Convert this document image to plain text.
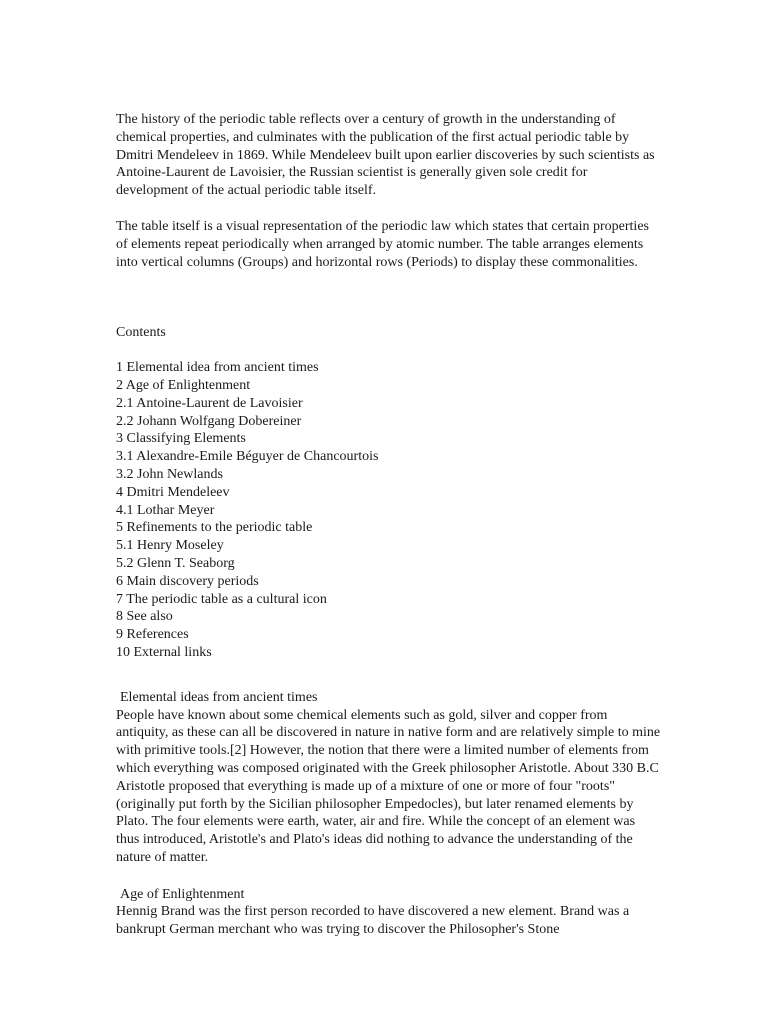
The history of the periodic table reflects over a century of growth in the understanding of chemical properties, and culminates with the publication of the first actual periodic table by Dmitri Mendeleev in 1869. While Mendeleev built upon earlier discoveries by such scientists as Antoine-Laurent de Lavoisier, the Russian scientist is generally given sole credit for development of the actual periodic table itself.

The table itself is a visual representation of the periodic law which states that certain properties of elements repeat periodically when arranged by atomic number. The table arranges elements into vertical columns (Groups) and horizontal rows (Periods) to display these commonalities.

Contents

1 Elemental idea from ancient times
2 Age of Enlightenment
2.1 Antoine-Laurent de Lavoisier
2.2 Johann Wolfgang Dobereiner
3 Classifying Elements
3.1 Alexandre-Emile Béguyer de Chancourtois
3.2 John Newlands
4 Dmitri Mendeleev
4.1 Lothar Meyer
5 Refinements to the periodic table
5.1 Henry Moseley
5.2 Glenn T. Seaborg
6 Main discovery periods
7 The periodic table as a cultural icon
8 See also
9 References
10 External links

Elemental ideas from ancient times

People have known about some chemical elements such as gold, silver and copper from antiquity, as these can all be discovered in nature in native form and are relatively simple to mine with primitive tools.[2] However, the notion that there were a limited number of elements from which everything was composed originated with the Greek philosopher Aristotle. About 330 B.C Aristotle proposed that everything is made up of a mixture of one or more of four "roots" (originally put forth by the Sicilian philosopher Empedocles), but later renamed elements by Plato. The four elements were earth, water, air and fire. While the concept of an element was thus introduced, Aristotle's and Plato's ideas did nothing to advance the understanding of the nature of matter.

Age of Enlightenment

Hennig Brand was the first person recorded to have discovered a new element. Brand was a bankrupt German merchant who was trying to discover the Philosopher's Stone
